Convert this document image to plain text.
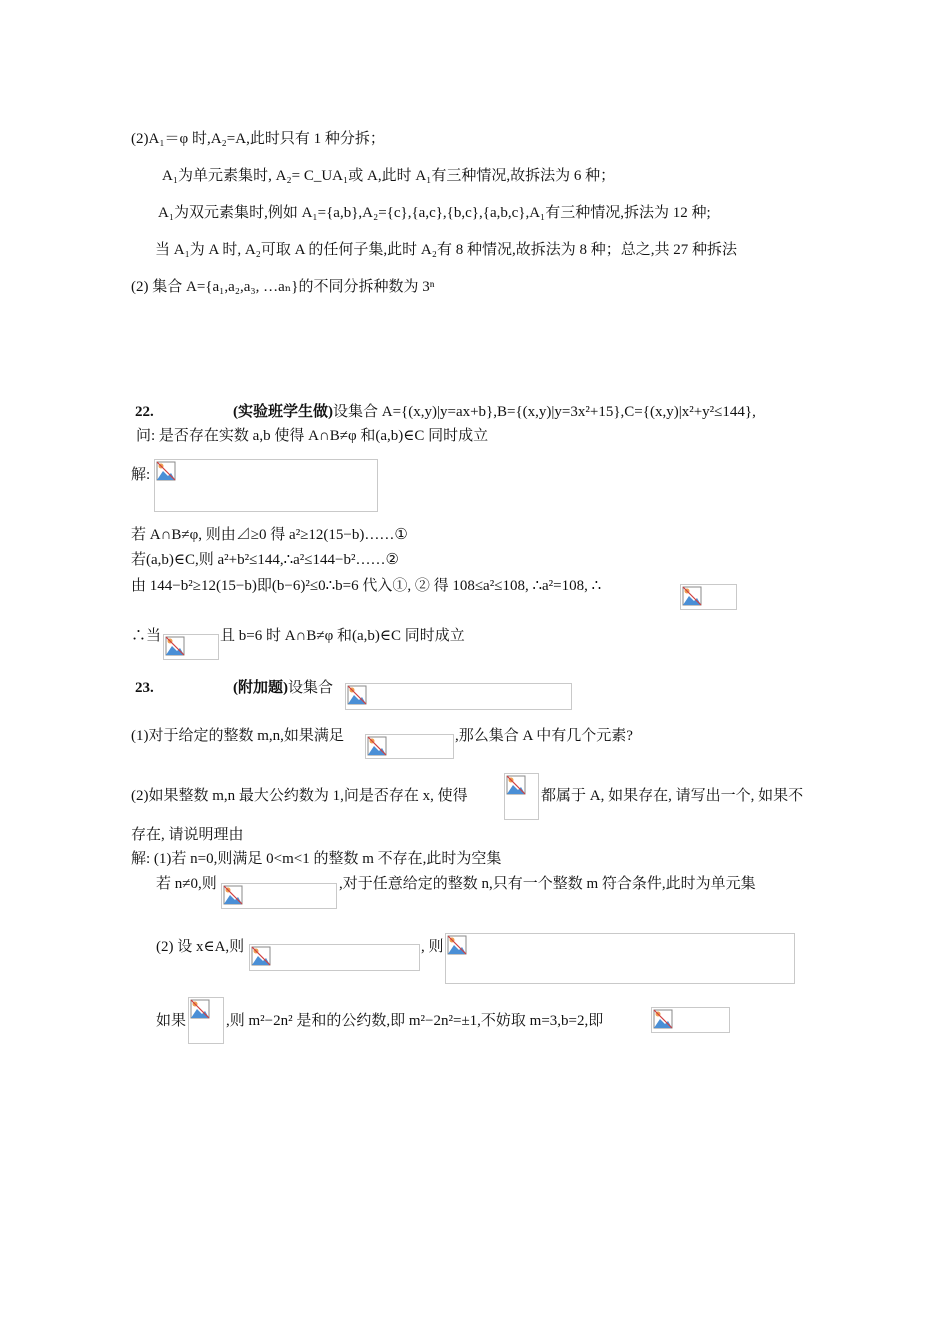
(2)A₁＝φ 时,A₂=A,此时只有 1 种分拆；
A₁为单元素集时, A₂= C_UA₁或 A,此时 A₁有三种情况,故拆法为 6 种；
A₁为双元素集时,例如 A₁={a,b},A₂={c},{a,c},{b,c},{a,b,c},A₁有三种情况,拆法为 12 种;
当 A₁为 A 时, A₂可取 A 的任何子集,此时 A₂有 8 种情况,故拆法为 8 种；总之,共 27 种拆法
(2) 集合 A={a₁,a₂,a₃, …aₙ}的不同分拆种数为 3ⁿ
22.	(实验班学生做)设集合 A={(x,y)|y=ax+b},B={(x,y)|y=3x²+15},C={(x,y)|x²+y²≤144},
问: 是否存在实数 a,b 使得 A∩B≠φ 和(a,b)∈C 同时成立
解:
若 A∩B≠φ, 则由⊿≥0 得 a²≥12(15−b)……①
若(a,b)∈C,则 a²+b²≤144,∴a²≤144−b²……②
由 144−b²≥12(15−b)即(b−6)²≤0∴b=6 代入①, ② 得 108≤a²≤108, ∴a²=108, ∴
∴当	且 b=6 时 A∩B≠φ 和(a,b)∈C 同时成立
23.	(附加题)设集合
(1)对于给定的整数 m,n,如果满足	,那么集合 A 中有几个元素?
(2)如果整数 m,n 最大公约数为 1,问是否存在 x, 使得	都属于 A, 如果存在, 请写出一个, 如果不
存在, 请说明理由
解: (1)若 n=0,则满足 0<m<1 的整数 m 不存在,此时为空集
若 n≠0,则	,对于任意给定的整数 n,只有一个整数 m 符合条件,此时为单元集
(2) 设 x∈A,则	, 则
如果	,则 m²−2n² 是和的公约数,即 m²−2n²=±1,不妨取 m=3,b=2,即
